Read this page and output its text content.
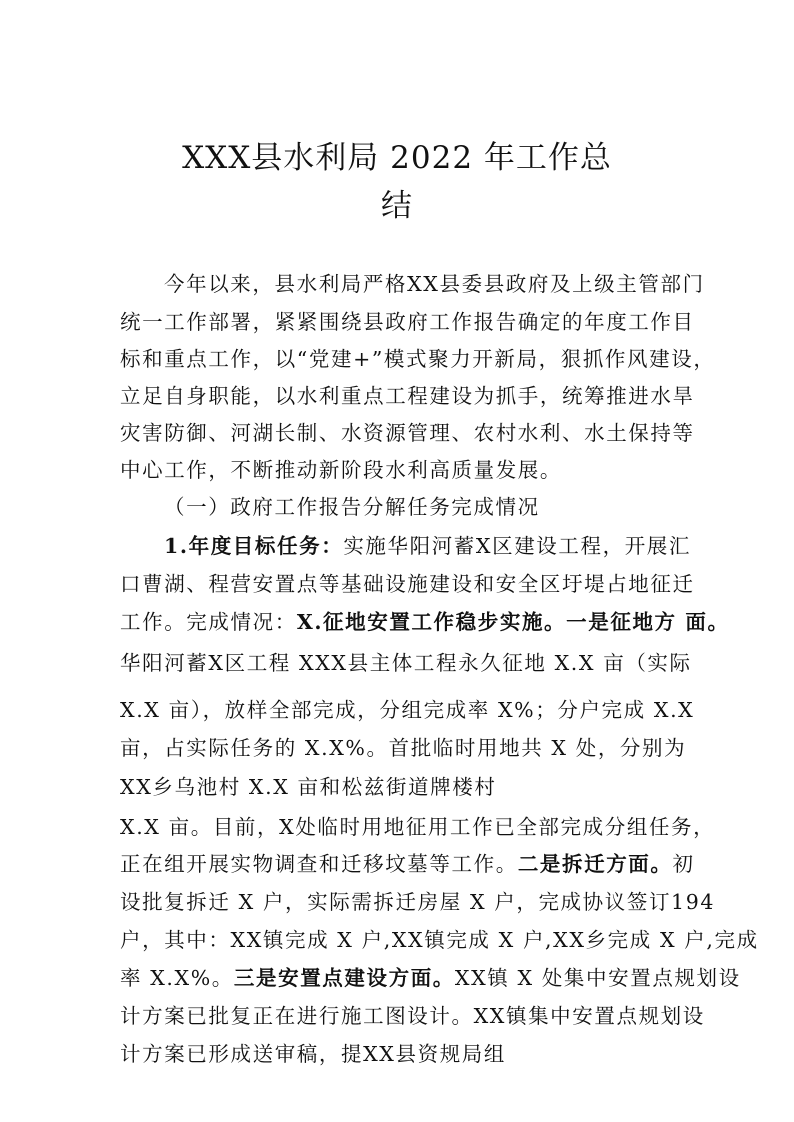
XXX县水利局 2022 年工作总
结
今年以来，县水利局严格XX县委县政府及上级主管部门
统一工作部署，紧紧围绕县政府工作报告确定的年度工作目
标和重点工作，以“党建+”模式聚力开新局，狠抓作风建设，
立足自身职能，以水利重点工程建设为抓手，统筹推进水旱
灾害防御、河湖长制、水资源管理、农村水利、水土保持等
中心工作，不断推动新阶段水利高质量发展。
（一）政府工作报告分解任务完成情况
1.年度目标任务：实施华阳河蓄X区建设工程，开展汇
口曹湖、程营安置点等基础设施建设和安全区圩堤占地征迁
工作。完成情况：X.征地安置工作稳步实施。一是征地方 面。
华阳河蓄X区工程 XXX县主体工程永久征地 X.X 亩（实际
X.X 亩），放样全部完成，分组完成率 X%；分户完成 X.X
亩，占实际任务的 X.X%。首批临时用地共 X 处，分别为
XX乡乌池村 X.X 亩和松兹街道牌楼村
X.X 亩。目前，X处临时用地征用工作已全部完成分组任务，
正在组开展实物调查和迁移坟墓等工作。二是拆迁方面。初
设批复拆迁 X 户，实际需拆迁房屋 X 户，完成协议签订194
户，其中：XX镇完成 X 户,XX镇完成 X 户,XX乡完成 X 户,完成
率 X.X%。三是安置点建设方面。XX镇 X 处集中安置点规划设
计方案已批复正在进行施工图设计。XX镇集中安置点规划设
计方案已形成送审稿，提XX县资规局组
